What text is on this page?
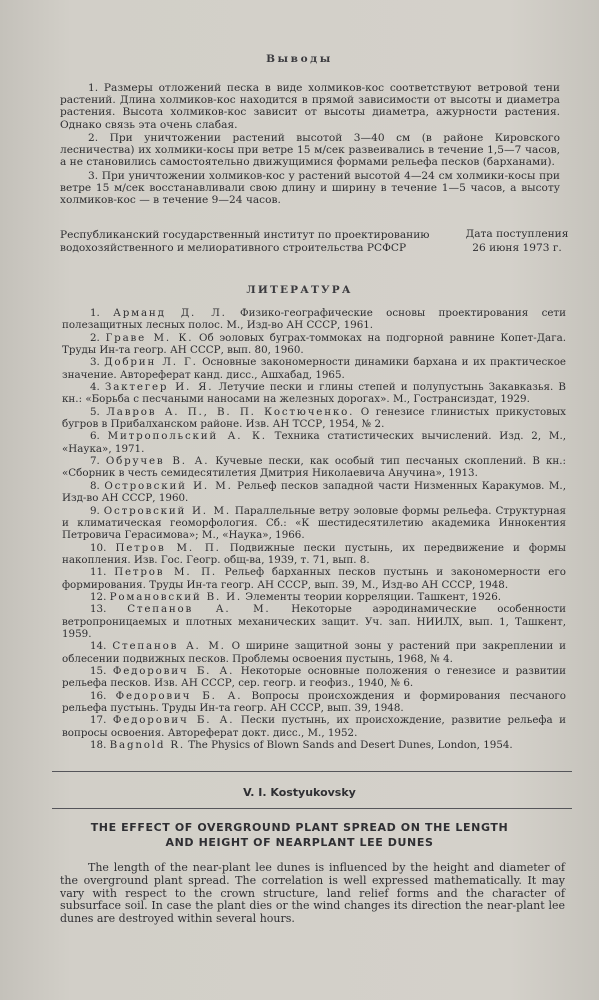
Выводы

1. Размеры отложений песка в виде холмиков-кос соответствуют ветровой тени растений. Длина холмиков-кос находится в прямой зависимости от высоты и диаметра растения. Высота холмиков-кос зависит от высоты диаметра, ажурности растения. Однако связь эта очень слабая.

2. При уничтожении растений высотой 3—40 см (в районе Кировского лесничества) их холмики-косы при ветре 15 м/сек развеивались в течение 1,5—7 часов, а не становились самостоятельно движущимися формами рельефа песков (барханами).

3. При уничтожении холмиков-кос у растений высотой 4—24 см холмики-косы при ветре 15 м/сек восстанавливали свою длину и ширину в течение 1—5 часов, а высоту холмиков-кос — в течение 9—24 часов.

Республиканский государственный институт по проектированию водохозяйственного и мелиоративного строительства РСФСР
Дата поступления
26 июня 1973 г.
ЛИТЕРАТУРА

1. Арманд Д. Л. Физико-географические основы проектирования сети полезащитных лесных полос. М., Изд-во АН СССР, 1961.

2. Граве М. К. Об эоловых буграх-томмоках на подгорной равнине Копет-Дага. Труды Ин-та геогр. АН СССР, вып. 80, 1960.

3. Добрин Л. Г. Основные закономерности динамики бархана и их практическое значение. Автореферат канд. дисс., Ашхабад, 1965.

4. Зактегер И. Я. Летучие пески и глины степей и полупустынь Закавказья. В кн.: «Борьба с песчаными наносами на железных дорогах». М., Гострансиздат, 1929.

5. Лавров А. П., В. П. Костюченко. О генезисе глинистых прикустовых бугров в Прибалханском районе. Изв. АН ТССР, 1954, № 2.

6. Митропольский А. К. Техника статистических вычислений. Изд. 2, М., «Наука», 1971.

7. Обручев В. А. Кучевые пески, как особый тип песчаных скоплений. В кн.: «Сборник в честь семидесятилетия Дмитрия Николаевича Анучина», 1913.

8. Островский И. М. Рельеф песков западной части Низменных Каракумов. М., Изд-во АН СССР, 1960.

9. Островский И. М. Параллельные ветру эоловые формы рельефа. Структурная и климатическая геоморфология. Сб.: «К шестидесятилетию академика Иннокентия Петровича Герасимова»; М., «Наука», 1966.

10. Петров М. П. Подвижные пески пустынь, их передвижение и формы накопления. Изв. Гос. Геогр. общ-ва, 1939, т. 71, вып. 8.

11. Петров М. П. Рельеф барханных песков пустынь и закономерности его формирования. Труды Ин-та геогр. АН СССР, вып. 39, М., Изд-во АН СССР, 1948.

12. Романовский В. И. Элементы теории корреляции. Ташкент, 1926.

13. Степанов А. М. Некоторые аэродинамические особенности ветропроницаемых и плотных механических защит. Уч. зап. НИИЛХ, вып. 1, Ташкент, 1959.

14. Степанов А. М. О ширине защитной зоны у растений при закреплении и облесении подвижных песков. Проблемы освоения пустынь, 1968, № 4.

15. Федорович Б. А. Некоторые основные положения о генезисе и развитии рельефа песков. Изв. АН СССР, сер. геогр. и геофиз., 1940, № 6.

16. Федорович Б. А. Вопросы происхождения и формирования песчаного рельефа пустынь. Труды Ин-та геогр. АН СССР, вып. 39, 1948.

17. Федорович Б. А. Пески пустынь, их происхождение, развитие рельефа и вопросы освоения. Автореферат докт. дисс., М., 1952.

18. Bagnold R. The Physics of Blown Sands and Desert Dunes, London, 1954.

V. I. Kostyukovsky
THE EFFECT OF OVERGROUND PLANT SPREAD ON THE LENGTH
AND HEIGHT OF NEARPLANT LEE DUNES

The length of the near-plant lee dunes is influenced by the height and diameter of the overground plant spread. The correlation is well expressed mathematically. It may vary with respect to the crown structure, land relief forms and the character of subsurface soil. In case the plant dies or the wind changes its direction the near-plant lee dunes are destroyed within several hours.
